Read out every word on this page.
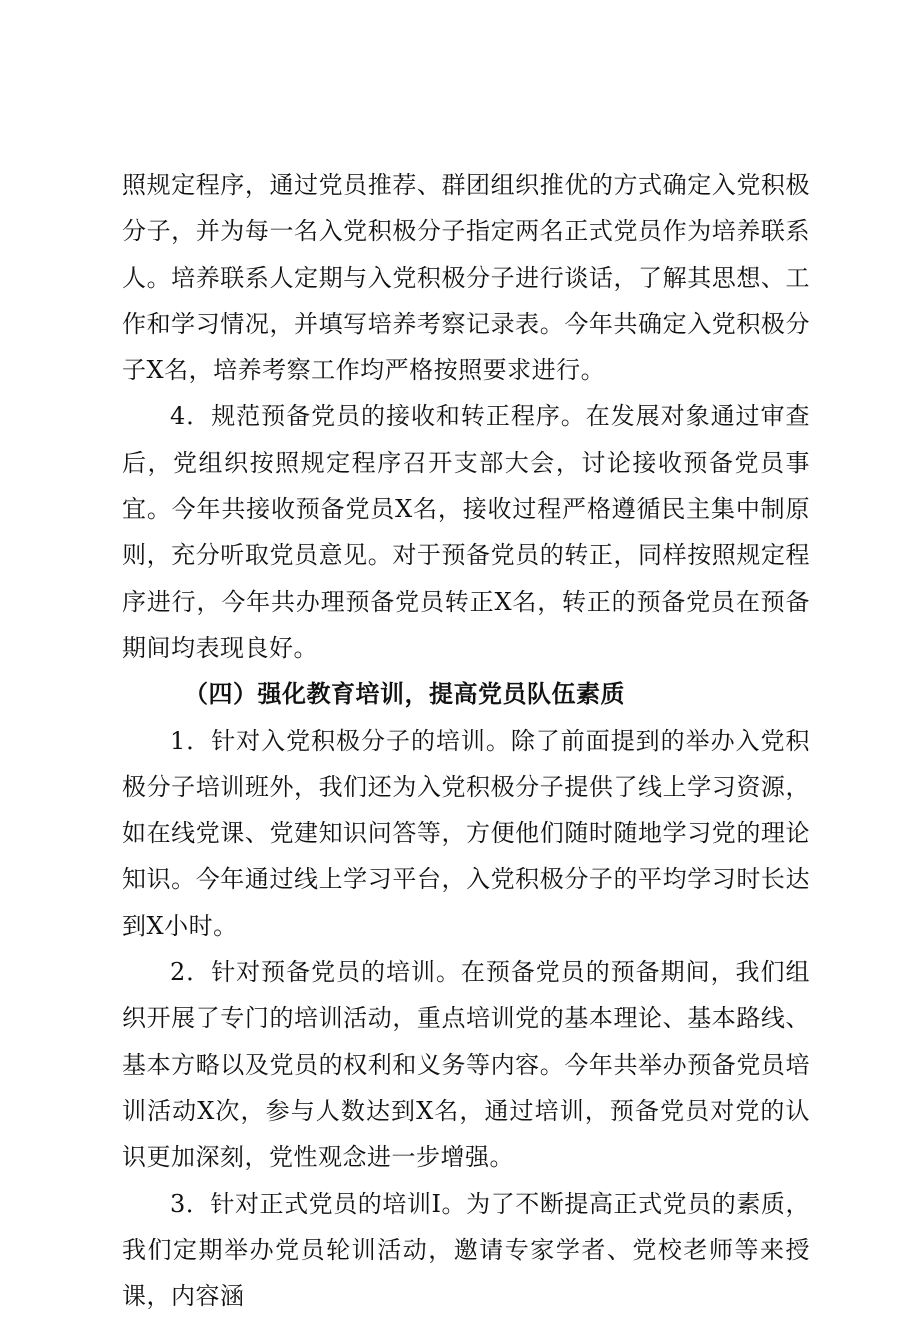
照规定程序，通过党员推荐、群团组织推优的方式确定入党积极分子，并为每一名入党积极分子指定两名正式党员作为培养联系人。培养联系人定期与入党积极分子进行谈话，了解其思想、工作和学习情况，并填写培养考察记录表。今年共确定入党积极分子X名，培养考察工作均严格按照要求进行。

4．规范预备党员的接收和转正程序。在发展对象通过审查后，党组织按照规定程序召开支部大会，讨论接收预备党员事宜。今年共接收预备党员X名，接收过程严格遵循民主集中制原则，充分听取党员意见。对于预备党员的转正，同样按照规定程序进行，今年共办理预备党员转正X名，转正的预备党员在预备期间均表现良好。

（四）强化教育培训，提高党员队伍素质

1．针对入党积极分子的培训。除了前面提到的举办入党积极分子培训班外，我们还为入党积极分子提供了线上学习资源，如在线党课、党建知识问答等，方便他们随时随地学习党的理论知识。今年通过线上学习平台，入党积极分子的平均学习时长达到X小时。

2．针对预备党员的培训。在预备党员的预备期间，我们组织开展了专门的培训活动，重点培训党的基本理论、基本路线、基本方略以及党员的权利和义务等内容。今年共举办预备党员培训活动X次，参与人数达到X名，通过培训，预备党员对党的认识更加深刻，党性观念进一步增强。

3．针对正式党员的培训I。为了不断提高正式党员的素质，我们定期举办党员轮训活动，邀请专家学者、党校老师等来授课，内容涵
